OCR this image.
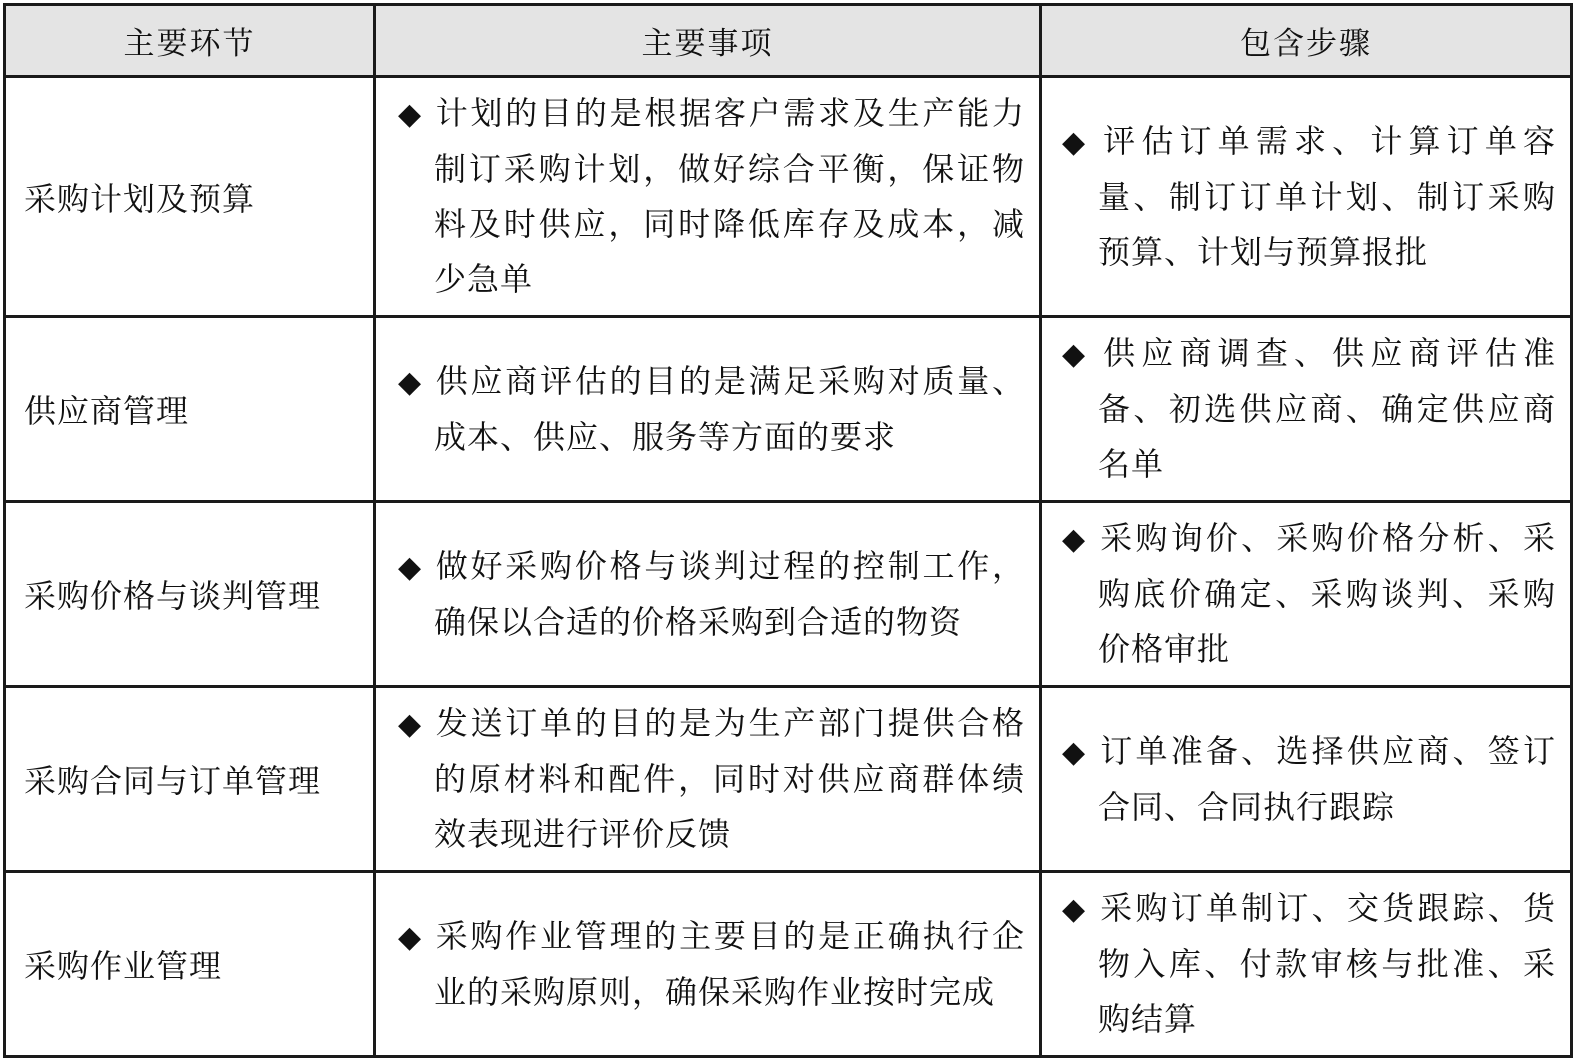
主要环节	主要事项	包含步骤
采购计划及预算	◆ 计划的目的是根据客户需求及生产能力制订采购计划，做好综合平衡，保证物料及时供应，同时降低库存及成本，减少急单	◆ 评估订单需求、计算订单容量、制订订单计划、制订采购预算、计划与预算报批

供应商管理	◆ 供应商评估的目的是满足采购对质量、成本、供应、服务等方面的要求	◆ 供应商调查、供应商评估准备、初选供应商、确定供应商名单

采购价格与谈判管理	◆ 做好采购价格与谈判过程的控制工作，确保以合适的价格采购到合适的物资	◆ 采购询价、采购价格分析、采购底价确定、采购谈判、采购价格审批

采购合同与订单管理	◆ 发送订单的目的是为生产部门提供合格的原材料和配件，同时对供应商群体绩效表现进行评价反馈	◆ 订单准备、选择供应商、签订合同、合同执行跟踪

采购作业管理	◆ 采购作业管理的主要目的是正确执行企业的采购原则，确保采购作业按时完成	◆ 采购订单制订、交货跟踪、货物入库、付款审核与批准、采购结算
